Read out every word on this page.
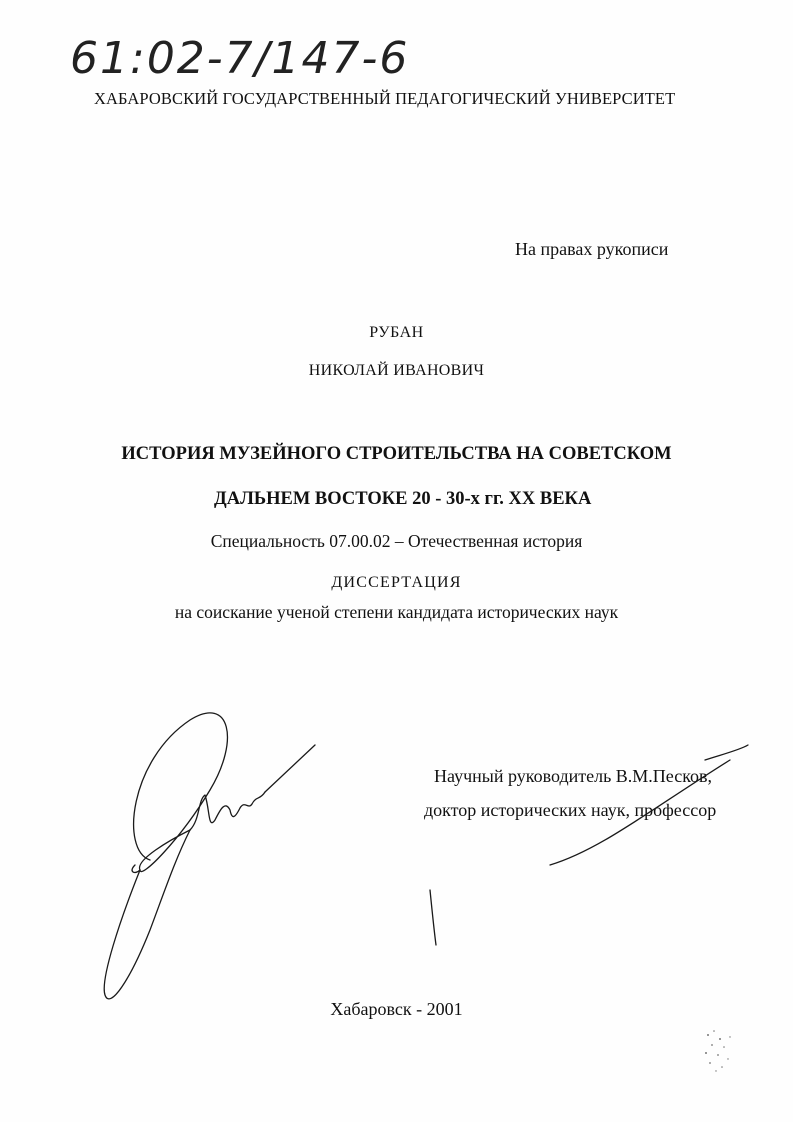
61:02-7/147-6
ХАБАРОВСКИЙ ГОСУДАРСТВЕННЫЙ ПЕДАГОГИЧЕСКИЙ УНИВЕРСИТЕТ
На правах рукописи
РУБАН
НИКОЛАЙ ИВАНОВИЧ
ИСТОРИЯ МУЗЕЙНОГО СТРОИТЕЛЬСТВА НА СОВЕТСКОМ
ДАЛЬНЕМ ВОСТОКЕ 20 - 30-х гг. XX ВЕКА
Специальность 07.00.02 – Отечественная история
ДИССЕРТАЦИЯ
на соискание ученой степени кандидата исторических наук
Научный руководитель В.М.Песков,
доктор исторических наук, профессор
Хабаровск - 2001
